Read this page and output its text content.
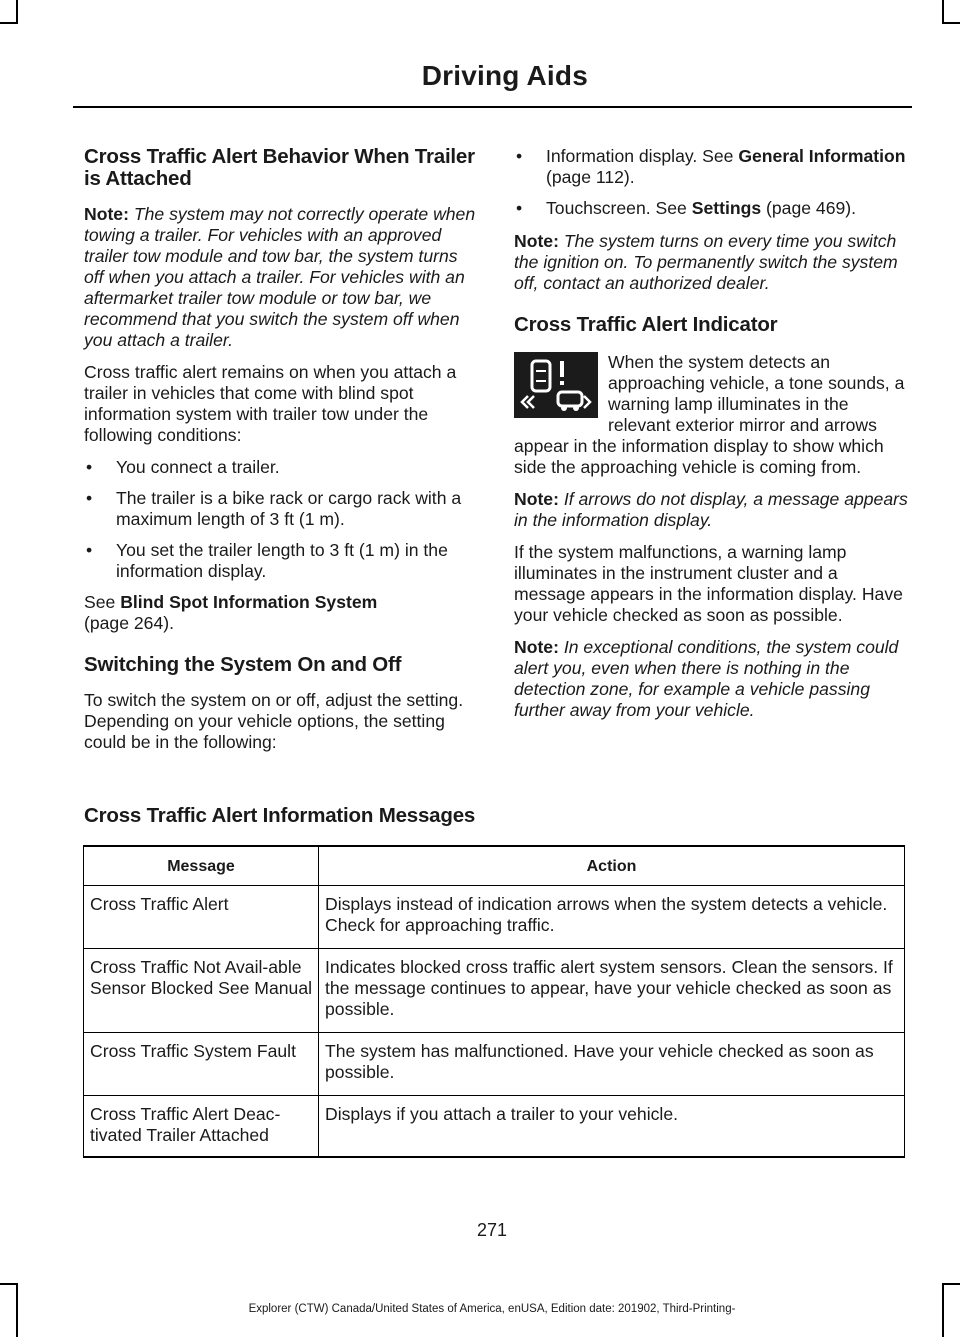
Driving Aids
Cross Traffic Alert Behavior When Trailer is Attached

Note: The system may not correctly operate when towing a trailer. For vehicles with an approved trailer tow module and tow bar, the system turns off when you attach a trailer. For vehicles with an aftermarket trailer tow module or tow bar, we recommend that you switch the system off when you attach a trailer.

Cross traffic alert remains on when you attach a trailer in vehicles that come with blind spot information system with trailer tow under the following conditions:

• You connect a trailer.
• The trailer is a bike rack or cargo rack with a maximum length of 3 ft (1 m).
• You set the trailer length to 3 ft (1 m) in the information display.

See Blind Spot Information System
(page 264).

Switching the System On and Off

To switch the system on or off, adjust the setting. Depending on your vehicle options, the setting could be in the following:

• Information display. See General Information (page 112).
• Touchscreen. See Settings (page 469).

Note: The system turns on every time you switch the ignition on. To permanently switch the system off, contact an authorized dealer.

Cross Traffic Alert Indicator

When the system detects an approaching vehicle, a tone sounds, a warning lamp illuminates in the relevant exterior mirror and arrows appear in the information display to show which side the approaching vehicle is coming from.

Note: If arrows do not display, a message appears in the information display.

If the system malfunctions, a warning lamp illuminates in the instrument cluster and a message appears in the information display. Have your vehicle checked as soon as possible.

Note: In exceptional conditions, the system could alert you, even when there is nothing in the detection zone, for example a vehicle passing further away from your vehicle.

Cross Traffic Alert Information Messages
Message	Action
Cross Traffic Alert	Displays instead of indication arrows when the system detects a vehicle. Check for approaching traffic.
Cross Traffic Not Avail-able Sensor Blocked See Manual	Indicates blocked cross traffic alert system sensors. Clean the sensors. If the message continues to appear, have your vehicle checked as soon as possible.
Cross Traffic System Fault	The system has malfunctioned. Have your vehicle checked as soon as possible.
Cross Traffic Alert Deac-tivated Trailer Attached	Displays if you attach a trailer to your vehicle.
271
Explorer (CTW) Canada/United States of America, enUSA, Edition date: 201902, Third-Printing-
